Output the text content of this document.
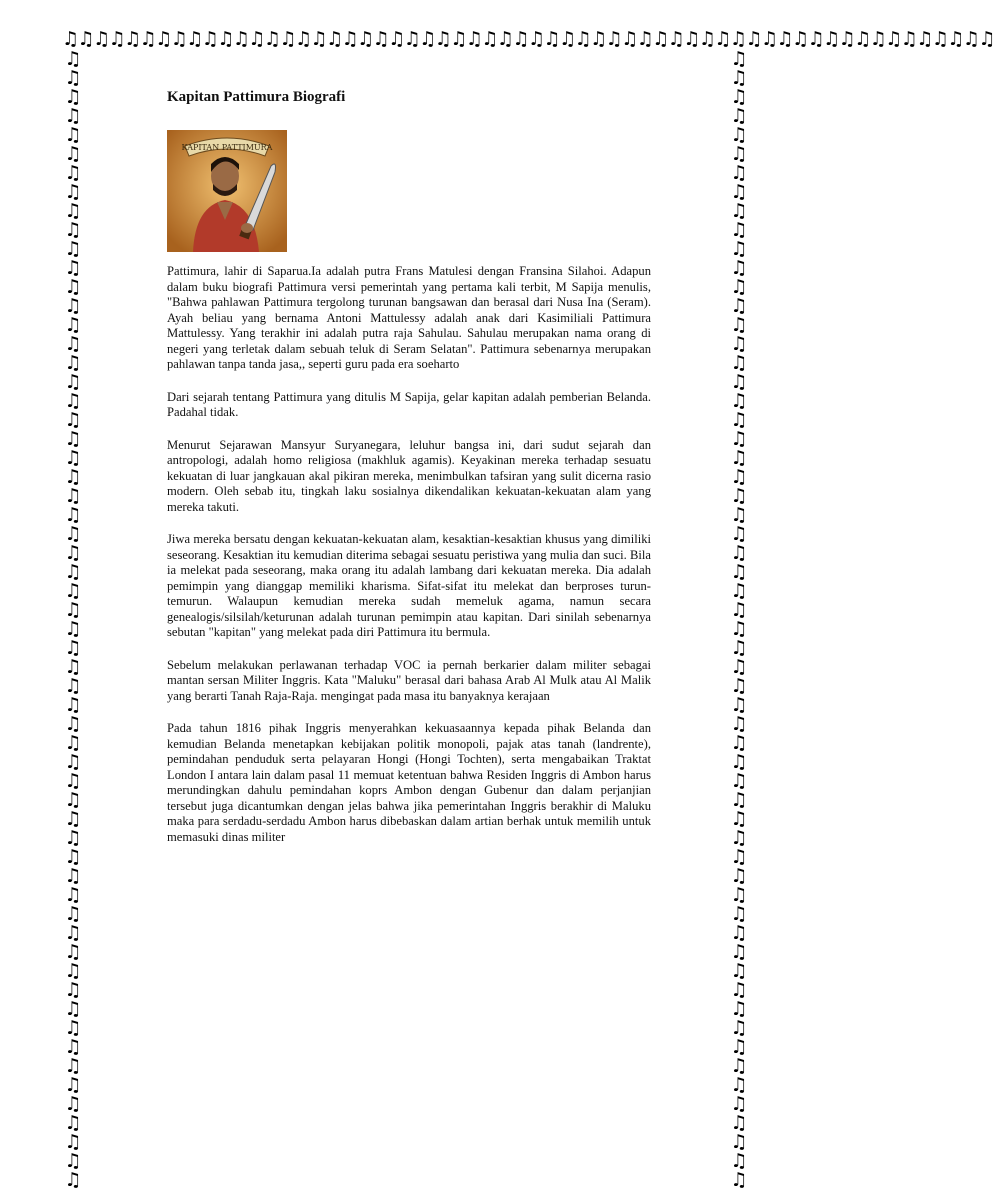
♫♫♫♫♫♫♫♫♫♫♫♫♫♫♫♫♫♫♫♫♫♫♫♫♫♫♫♫♫♫♫♫♫♫♫♫♫♫♫♫♫♫♫♫♫♫♫♫♫♫♫♫♫♫♫♫♫♫♫♫
♫
♫
♫
♫
♫
♫
♫
♫
♫
♫
♫
♫
♫
♫
♫
♫
♫
♫
♫
♫
♫
♫
♫
♫
♫
♫
♫
♫
♫
♫
♫
♫
♫
♫
♫
♫
♫
♫
♫
♫
♫
♫
♫
♫
♫
♫
♫
♫
♫
♫
♫
♫
♫
♫
♫
♫
♫
♫
♫
♫
♫
♫
♫
♫
♫
♫
♫
♫
♫
♫
♫
♫
♫
♫
♫
♫
♫
♫
♫
♫
♫
♫
♫
♫
♫
♫
♫
♫
♫
♫
♫
♫
♫
♫
♫
♫
♫
♫
♫
♫
♫
♫
♫
♫
♫
♫
♫
♫
♫
♫
♫
♫
♫
♫
♫
♫
♫
♫
♫
♫
Kapitan Pattimura Biografi
KAPITAN PATTIMURA

Pattimura, lahir di Saparua.Ia adalah putra Frans Matulesi dengan Fransina Silahoi. Adapun dalam buku biografi Pattimura versi pemerintah yang pertama kali terbit, M Sapija menulis, "Bahwa pahlawan Pattimura tergolong turunan bangsawan dan berasal dari Nusa Ina (Seram). Ayah beliau yang bernama Antoni Mattulessy adalah anak dari Kasimiliali Pattimura Mattulessy. Yang terakhir ini adalah putra raja Sahulau. Sahulau merupakan nama orang di negeri yang terletak dalam sebuah teluk di Seram Selatan". Pattimura sebenarnya merupakan pahlawan tanpa tanda jasa,, seperti guru pada era soeharto

Dari sejarah tentang Pattimura yang ditulis M Sapija, gelar kapitan adalah pemberian Belanda. Padahal tidak.

Menurut Sejarawan Mansyur Suryanegara, leluhur bangsa ini, dari sudut sejarah dan antropologi, adalah homo religiosa (makhluk agamis). Keyakinan mereka terhadap sesuatu kekuatan di luar jangkauan akal pikiran mereka, menimbulkan tafsiran yang sulit dicerna rasio modern. Oleh sebab itu, tingkah laku sosialnya dikendalikan kekuatan-kekuatan alam yang mereka takuti.

Jiwa mereka bersatu dengan kekuatan-kekuatan alam, kesaktian-kesaktian khusus yang dimiliki seseorang. Kesaktian itu kemudian diterima sebagai sesuatu peristiwa yang mulia dan suci. Bila ia melekat pada seseorang, maka orang itu adalah lambang dari kekuatan mereka. Dia adalah pemimpin yang dianggap memiliki kharisma. Sifat-sifat itu melekat dan berproses turun-temurun. Walaupun kemudian mereka sudah memeluk agama, namun secara genealogis/silsilah/keturunan adalah turunan pemimpin atau kapitan. Dari sinilah sebenarnya sebutan "kapitan" yang melekat pada diri Pattimura itu bermula.

Sebelum melakukan perlawanan terhadap VOC ia pernah berkarier dalam militer sebagai mantan sersan Militer Inggris. Kata "Maluku" berasal dari bahasa Arab Al Mulk atau Al Malik yang berarti Tanah Raja-Raja. mengingat pada masa itu banyaknya kerajaan

Pada tahun 1816 pihak Inggris menyerahkan kekuasaannya kepada pihak Belanda dan kemudian Belanda menetapkan kebijakan politik monopoli, pajak atas tanah (landrente), pemindahan penduduk serta pelayaran Hongi (Hongi Tochten), serta mengabaikan Traktat London I antara lain dalam pasal 11 memuat ketentuan bahwa Residen Inggris di Ambon harus merundingkan dahulu pemindahan koprs Ambon dengan Gubenur dan dalam perjanjian tersebut juga dicantumkan dengan jelas bahwa jika pemerintahan Inggris berakhir di Maluku maka para serdadu-serdadu Ambon harus dibebaskan dalam artian berhak untuk memilih untuk memasuki dinas militer
